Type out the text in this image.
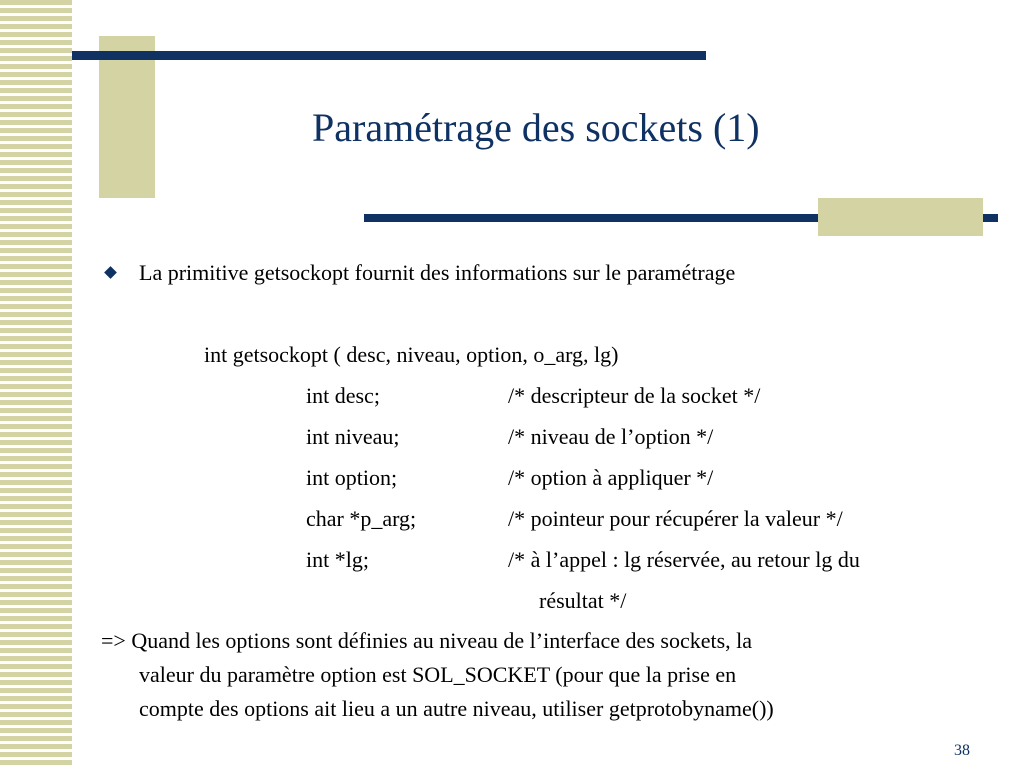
Paramétrage des sockets (1)
La primitive getsockopt fournit des informations sur le paramétrage
int getsockopt ( desc, niveau, option, o_arg, lg)
int desc;	/* descripteur de la socket */
int niveau;	/* niveau de l’option */
int option;	/* option à appliquer */
char *p_arg;	/* pointeur pour récupérer la valeur */
int *lg;	/* à l’appel : lg réservée, au retour lg du
résultat */
=> Quand les options sont définies au niveau de l’interface des sockets, la
valeur du paramètre option est SOL_SOCKET (pour que la prise en
compte des options ait lieu a un autre niveau, utiliser getprotobyname())
38
